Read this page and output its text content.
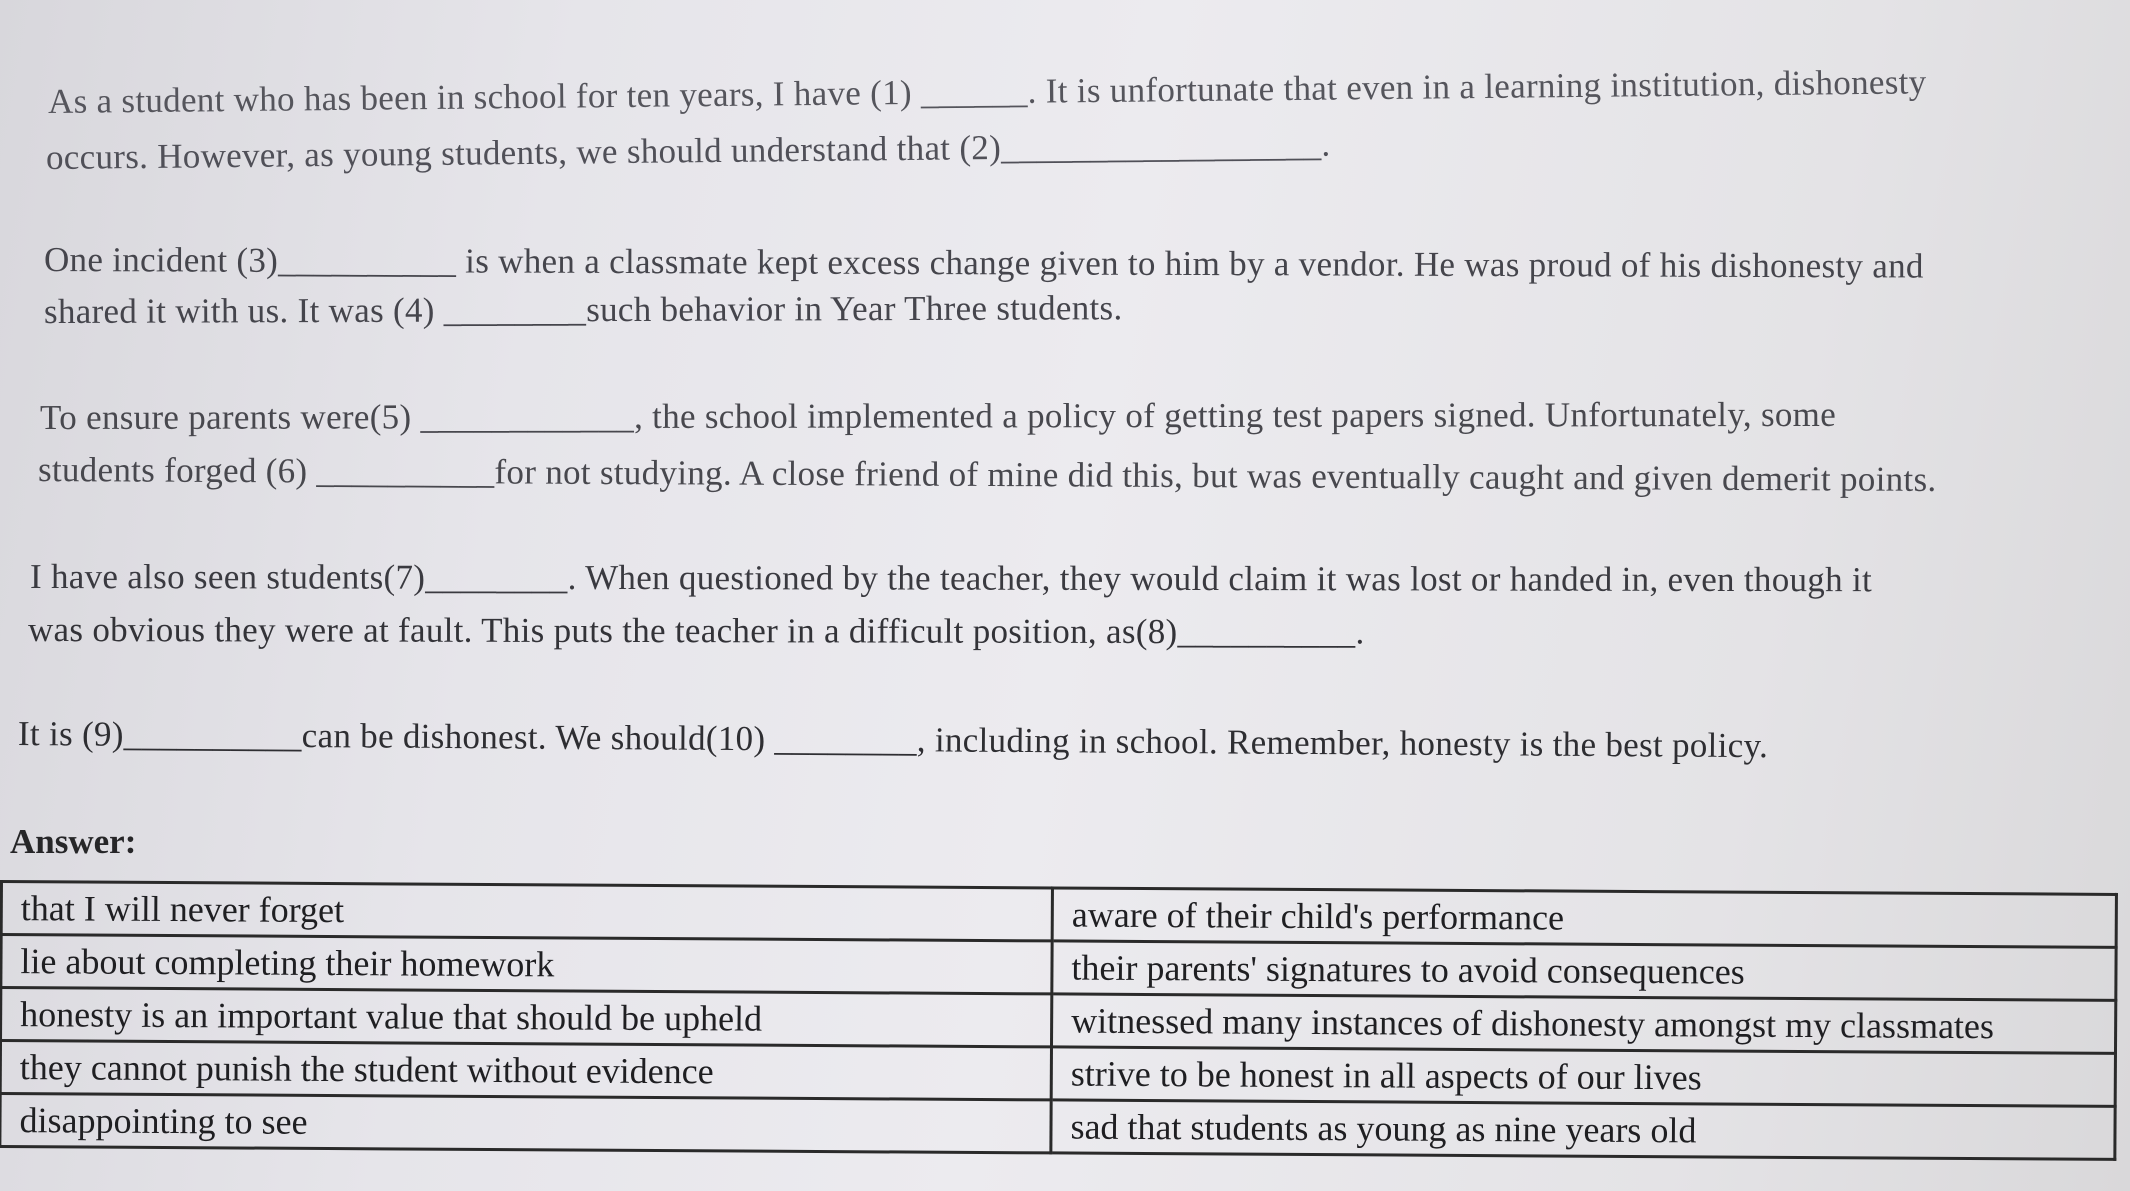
As a student who has been in school for ten years, I have (1) ______. It is unfortunate that even in a learning institution, dishonesty
occurs. However, as young students, we should understand that (2)__________________.
One incident (3)__________ is when a classmate kept excess change given to him by a vendor. He was proud of his dishonesty and
shared it with us. It was (4) ________such behavior in Year Three students.
To ensure parents were(5) ____________, the school implemented a policy of getting test papers signed. Unfortunately, some
students forged (6) __________for not studying. A close friend of mine did this, but was eventually caught and given demerit points.
I have also seen students(7)________. When questioned by the teacher, they would claim it was lost or handed in, even though it
was obvious they were at fault. This puts the teacher in a difficult position, as(8)__________.
It is (9)__________can be dishonest. We should(10) ________, including in school. Remember, honesty is the best policy.
Answer:
that I will never forget	aware of their child's performance
lie about completing their homework	their parents' signatures to avoid consequences
honesty is an important value that should be upheld	witnessed many instances of dishonesty amongst my classmates
they cannot punish the student without evidence	strive to be honest in all aspects of our lives
disappointing to see	sad that students as young as nine years old
